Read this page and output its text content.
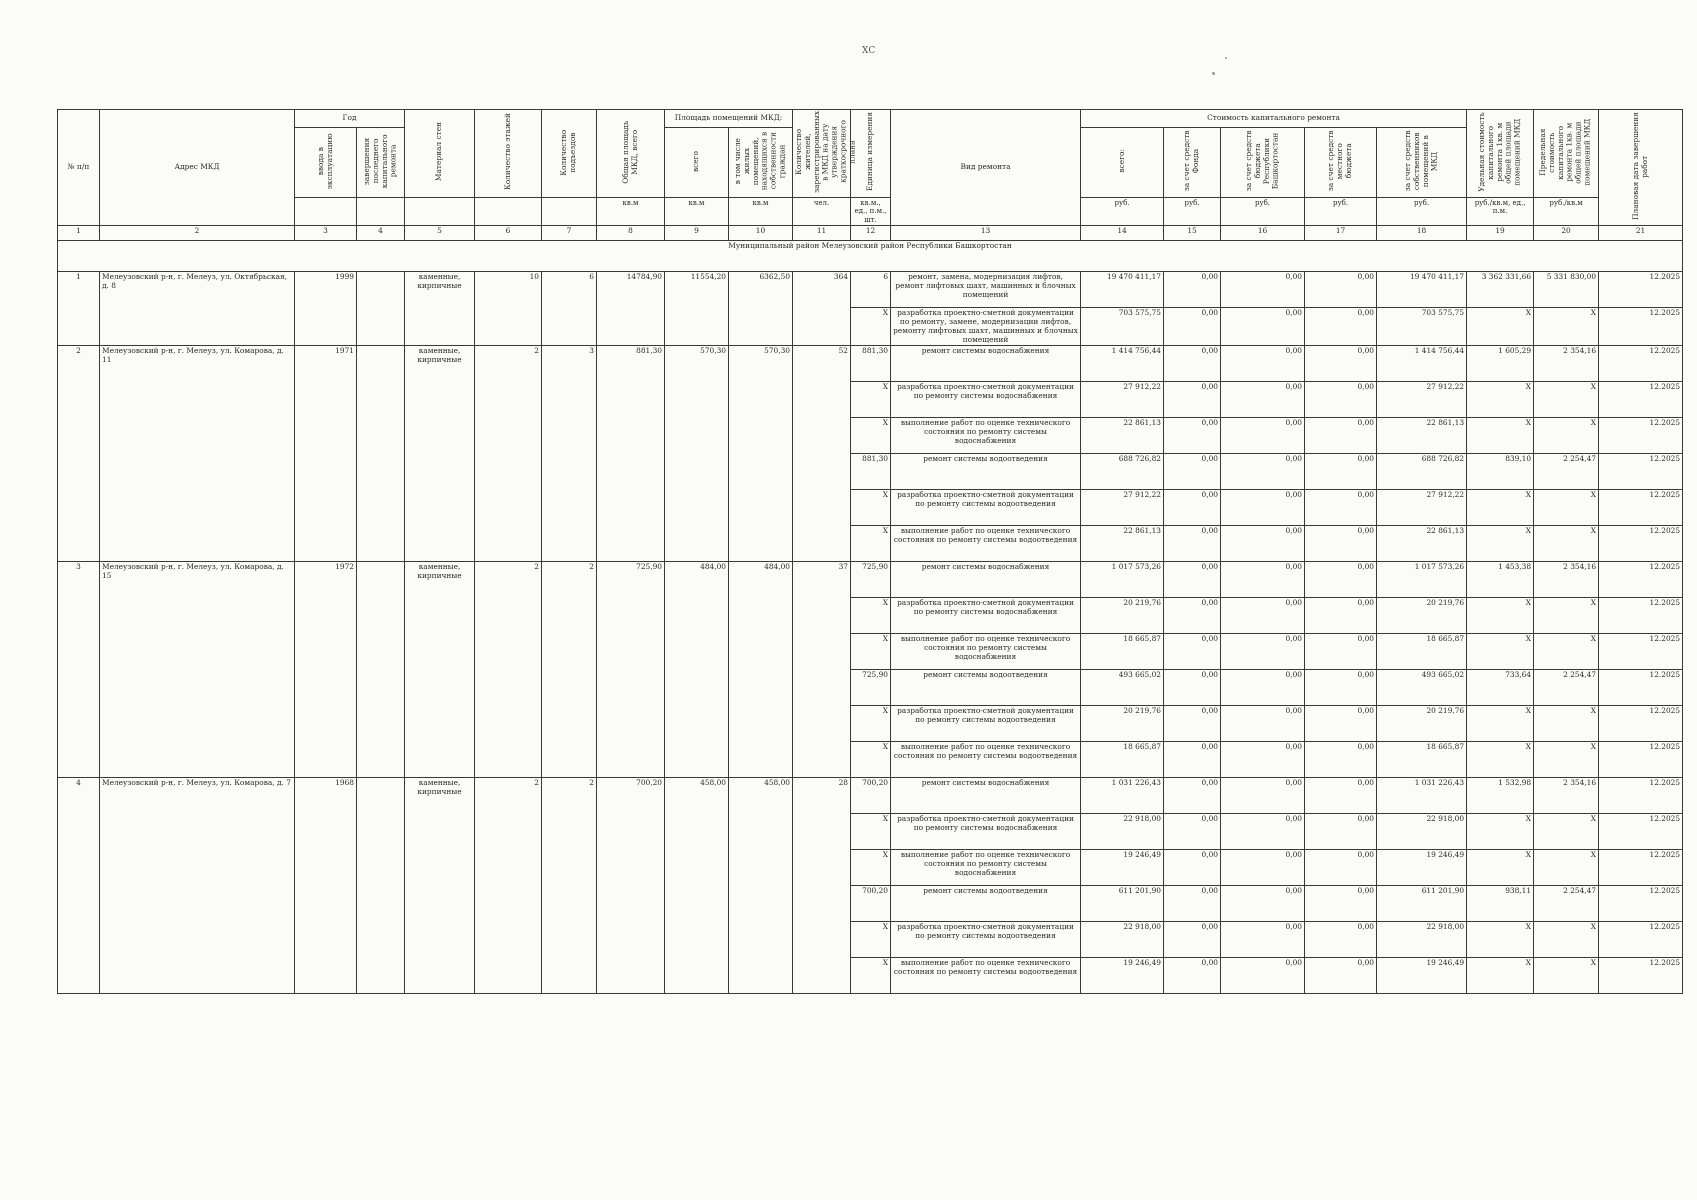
ХС
№ п/п	Адрес МКД	Год		Материал стен	Количество этажей	Количество подъездов	Общая площадь МКД, всего	Площадь помещений МКД:		Количество жителей, зарегистрированных в МКД на дату утверждения краткосрочного плана	Единица измерения	Вид ремонта	Стоимость капитального ремонта					Удельная стоимость капитального ремонта 1кв. м общей площади помещений МКД	Предельная стоимость капитального ремонта 1кв. м общей площади помещений МКД	Плановая дата завершения работ
		ввода в эксплуатацию	завершения последнего капитального ремонта					всего	в том числе жилых помещений, находящихся в собственности граждан				всего:	за счет средств Фонда	за счет средств бюджета Республики Башкортостан	за счет средств местного бюджета	за счет средств собственников помещений в МКД			
							кв.м	кв.м	кв.м	чел.	кв.м., ед., п.м., шт.		руб.	руб.	руб.	руб.	руб.	руб./кв.м, ед., п.м.	руб./кв.м	
1	2	3	4	5	6	7	8	9	10	11	12	13	14	15	16	17	18	19	20	21
Муниципальный район Мелеузовский район Республики Башкортостан																				
1	Мелеузовский р-н, г. Мелеуз, ул. Октябрьская, д. 8	1999		каменные, кирпичные	10	6	14784,90	11554,20	6362,50	364	6	ремонт, замена, модернизация лифтов, ремонт лифтовых шахт, машинных и блочных помещений	19 470 411,17	0,00	0,00	0,00	19 470 411,17	3 362 331,66	5 331 830,00	12.2025
											X	разработка проектно-сметной документации по ремонту, замене, модернизации лифтов, ремонту лифтовых шахт, машинных и блочных помещений	703 575,75	0,00	0,00	0,00	703 575,75	X	X	12.2025
2	Мелеузовский р-н, г. Мелеуз, ул. Комарова, д. 11	1971		каменные, кирпичные	2	3	881,30	570,30	570,30	52	881,30	ремонт системы водоснабжения	1 414 756,44	0,00	0,00	0,00	1 414 756,44	1 605,29	2 354,16	12.2025
											X	разработка проектно-сметной документации по ремонту системы водоснабжения	27 912,22	0,00	0,00	0,00	27 912,22	X	X	12.2025
											X	выполнение работ по оценке технического состояния по ремонту системы водоснабжения	22 861,13	0,00	0,00	0,00	22 861,13	X	X	12.2025
											881,30	ремонт системы водоотведения	688 726,82	0,00	0,00	0,00	688 726,82	839,10	2 254,47	12.2025
											X	разработка проектно-сметной документации по ремонту системы водоотведения	27 912,22	0,00	0,00	0,00	27 912,22	X	X	12.2025
											X	выполнение работ по оценке технического состояния по ремонту системы водоотведения	22 861,13	0,00	0,00	0,00	22 861,13	X	X	12.2025
3	Мелеузовский р-н, г. Мелеуз, ул. Комарова, д. 15	1972		каменные, кирпичные	2	2	725,90	484,00	484,00	37	725,90	ремонт системы водоснабжения	1 017 573,26	0,00	0,00	0,00	1 017 573,26	1 453,38	2 354,16	12.2025
											X	разработка проектно-сметной документации по ремонту системы водоснабжения	20 219,76	0,00	0,00	0,00	20 219,76	X	X	12.2025
											X	выполнение работ по оценке технического состояния по ремонту системы водоснабжения	18 665,87	0,00	0,00	0,00	18 665,87	X	X	12.2025
											725,90	ремонт системы водоотведения	493 665,02	0,00	0,00	0,00	493 665,02	733,64	2 254,47	12.2025
											X	разработка проектно-сметной документации по ремонту системы водоотведения	20 219,76	0,00	0,00	0,00	20 219,76	X	X	12.2025
											X	выполнение работ по оценке технического состояния по ремонту системы водоотведения	18 665,87	0,00	0,00	0,00	18 665,87	X	X	12.2025
4	Мелеузовский р-н, г. Мелеуз, ул. Комарова, д. 7	1968		каменные, кирпичные	2	2	700,20	458,00	458,00	28	700,20	ремонт системы водоснабжения	1 031 226,43	0,00	0,00	0,00	1 031 226,43	1 532,98	2 354,16	12.2025
											X	разработка проектно-сметной документации по ремонту системы водоснабжения	22 918,00	0,00	0,00	0,00	22 918,00	X	X	12.2025
											X	выполнение работ по оценке технического состояния по ремонту системы водоснабжения	19 246,49	0,00	0,00	0,00	19 246,49	X	X	12.2025
											700,20	ремонт системы водоотведения	611 201,90	0,00	0,00	0,00	611 201,90	938,11	2 254,47	12.2025
											X	разработка проектно-сметной документации по ремонту системы водоотведения	22 918,00	0,00	0,00	0,00	22 918,00	X	X	12.2025
											X	выполнение работ по оценке технического состояния по ремонту системы водоотведения	19 246,49	0,00	0,00	0,00	19 246,49	X	X	12.2025
